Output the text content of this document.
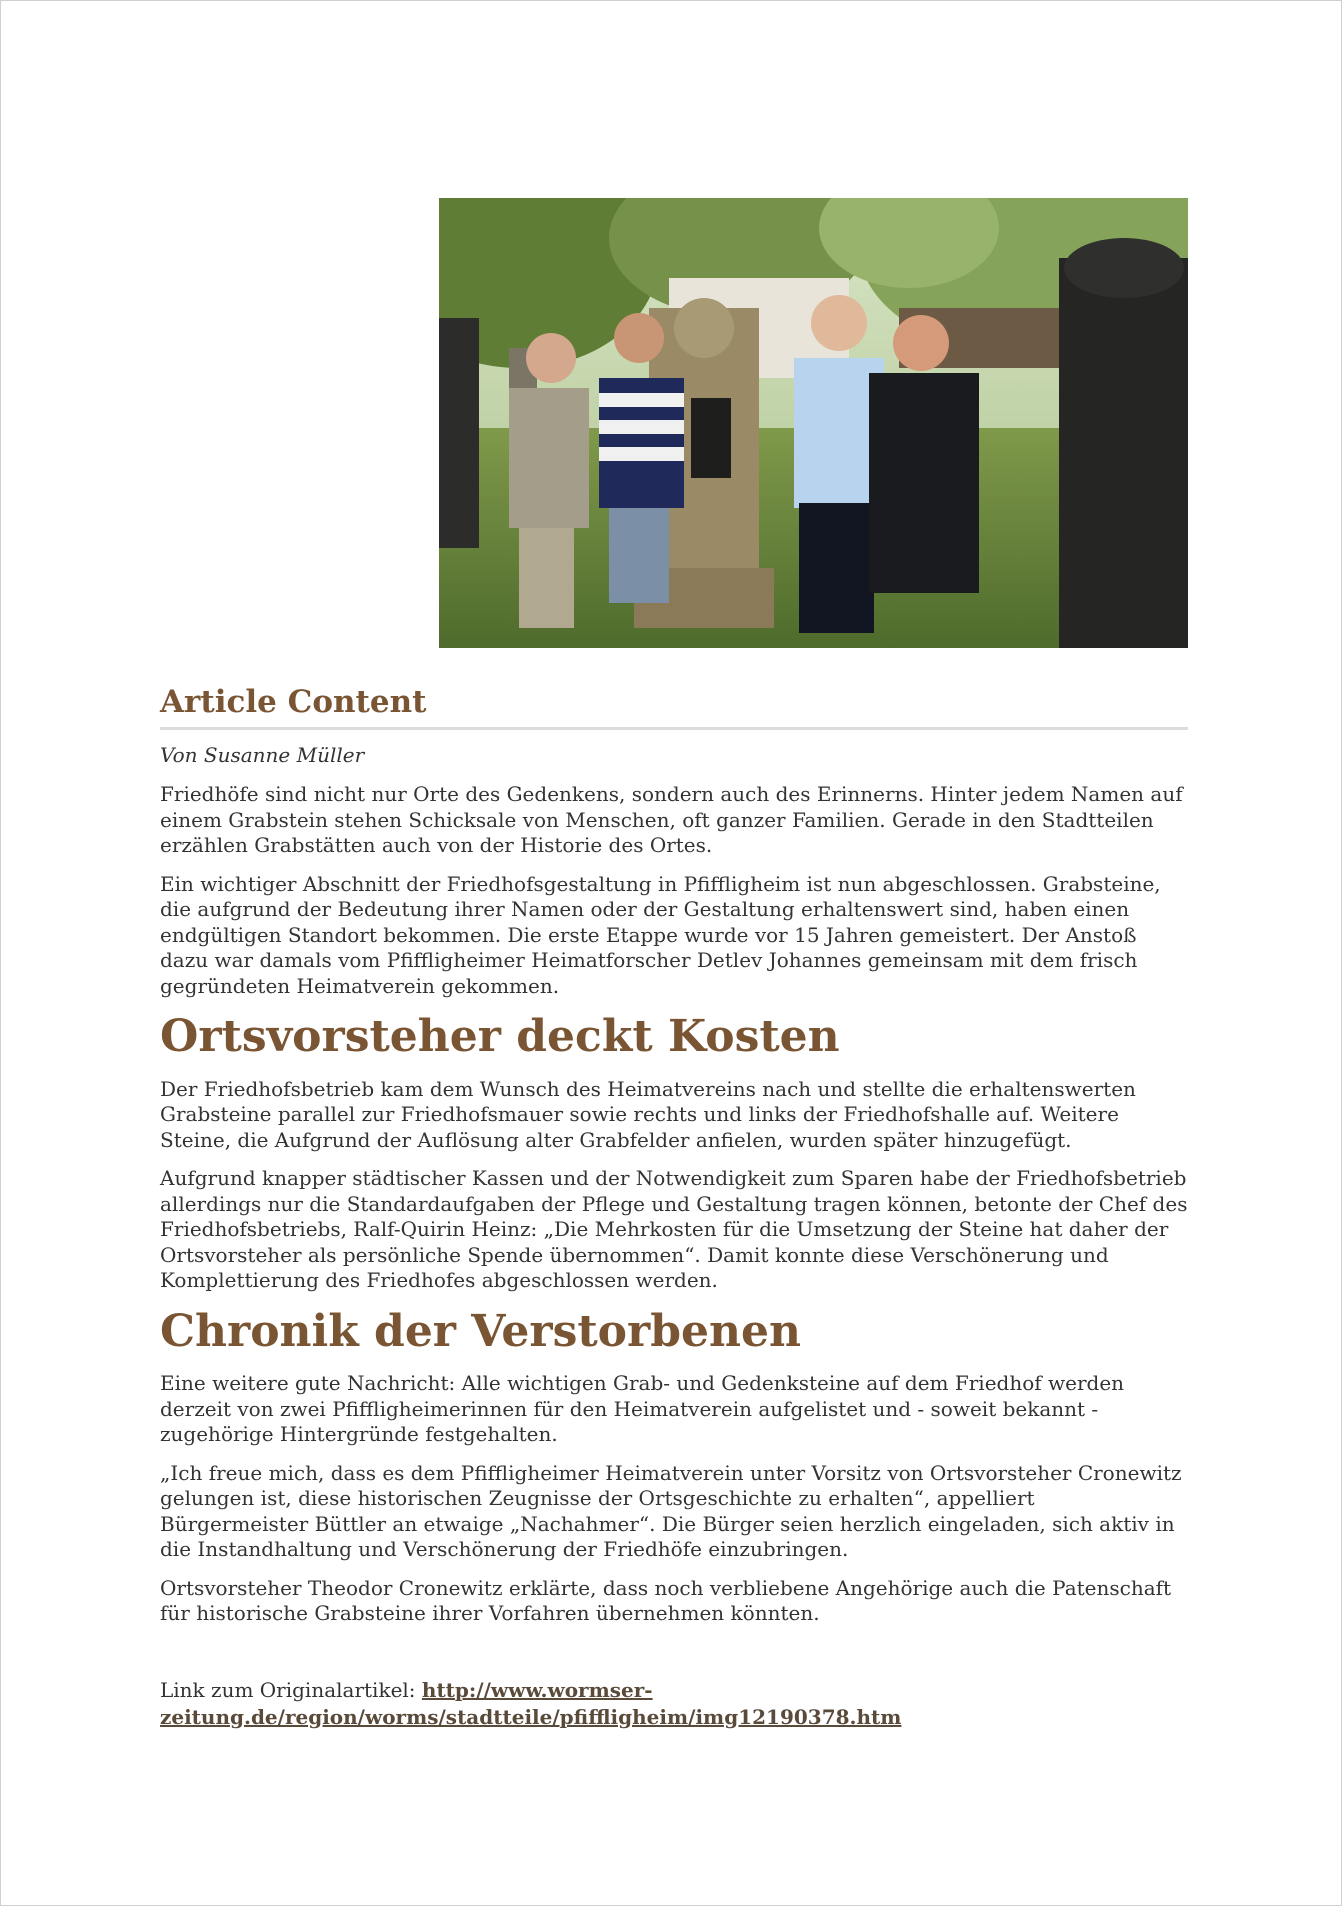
Article Content
Von Susanne Müller

Friedhöfe sind nicht nur Orte des Gedenkens, sondern auch des Erinnerns. Hinter jedem Namen auf einem Grabstein stehen Schicksale von Menschen, oft ganzer Familien. Gerade in den Stadtteilen erzählen Grabstätten auch von der Historie des Ortes.

Ein wichtiger Abschnitt der Friedhofsgestaltung in Pfiffligheim ist nun abgeschlossen. Grabsteine, die aufgrund der Bedeutung ihrer Namen oder der Gestaltung erhaltenswert sind, haben einen endgültigen Standort bekommen. Die erste Etappe wurde vor 15 Jahren gemeistert. Der Anstoß dazu war damals vom Pfiffligheimer Heimatforscher Detlev Johannes gemeinsam mit dem frisch gegründeten Heimatverein gekommen.

Ortsvorsteher deckt Kosten

Der Friedhofsbetrieb kam dem Wunsch des Heimatvereins nach und stellte die erhaltenswerten Grabsteine parallel zur Friedhofsmauer sowie rechts und links der Friedhofshalle auf. Weitere Steine, die Aufgrund der Auflösung alter Grabfelder anfielen, wurden später hinzugefügt.

Aufgrund knapper städtischer Kassen und der Notwendigkeit zum Sparen habe der Friedhofsbetrieb allerdings nur die Standardaufgaben der Pflege und Gestaltung tragen können, betonte der Chef des Friedhofsbetriebs, Ralf-Quirin Heinz: „Die Mehrkosten für die Umsetzung der Steine hat daher der Ortsvorsteher als persönliche Spende übernommen“. Damit konnte diese Verschönerung und Komplettierung des Friedhofes abgeschlossen werden.

Chronik der Verstorbenen

Eine weitere gute Nachricht: Alle wichtigen Grab- und Gedenksteine auf dem Friedhof werden derzeit von zwei Pfiffligheimerinnen für den Heimatverein aufgelistet und - soweit bekannt - zugehörige Hintergründe festgehalten.

„Ich freue mich, dass es dem Pfiffligheimer Heimatverein unter Vorsitz von Ortsvorsteher Cronewitz gelungen ist, diese historischen Zeugnisse der Ortsgeschichte zu erhalten“, appelliert Bürgermeister Büttler an etwaige „Nachahmer“. Die Bürger seien herzlich eingeladen, sich aktiv in die Instandhaltung und Verschönerung der Friedhöfe einzubringen.

Ortsvorsteher Theodor Cronewitz erklärte, dass noch verbliebene Angehörige auch die Patenschaft für historische Grabsteine ihrer Vorfahren übernehmen könnten.

Link zum Originalartikel: http://www.wormser-zeitung.de/region/worms/stadtteile/pfiffligheim/img12190378.htm
